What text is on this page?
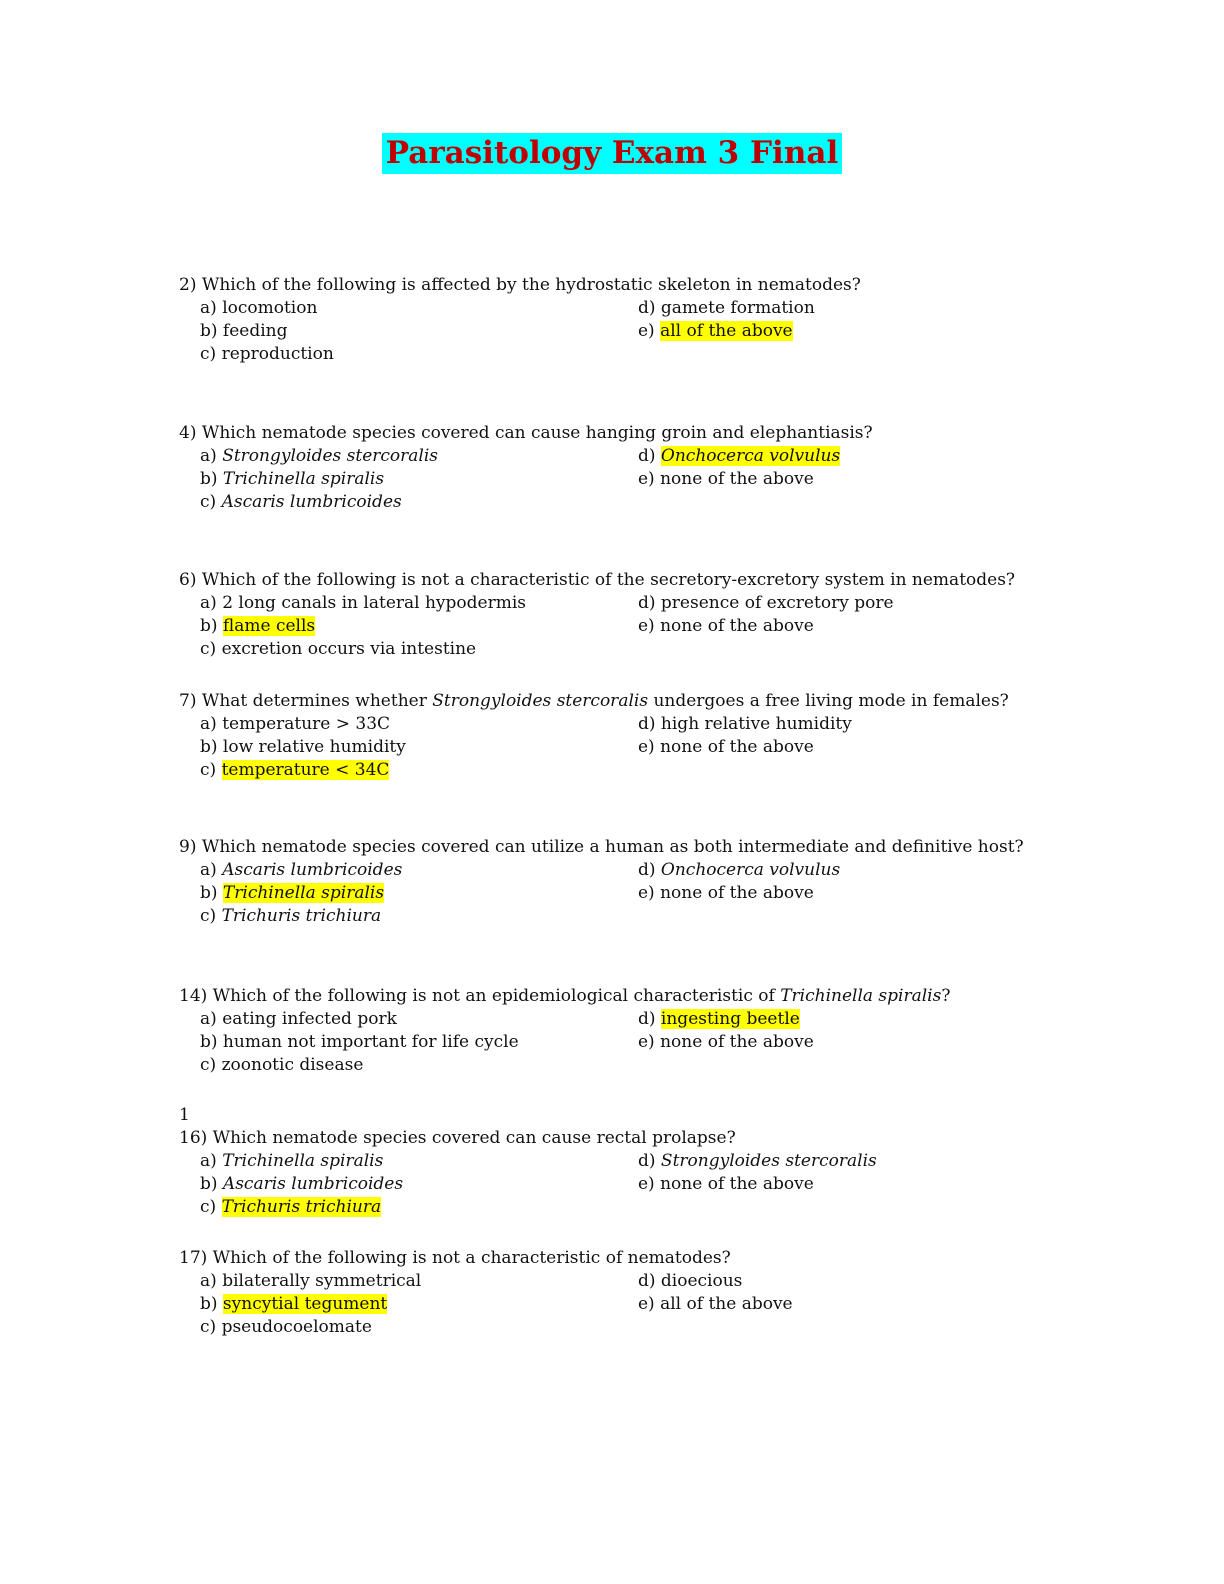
Parasitology Exam 3 Final
2) Which of the following is affected by the hydrostatic skeleton in nematodes?
a) locomotion
b) feeding
c) reproduction
d) gamete formation
e) all of the above
4) Which nematode species covered can cause hanging groin and elephantiasis?
a) Strongyloides stercoralis
b) Trichinella spiralis
c) Ascaris lumbricoides
d) Onchocerca volvulus
e) none of the above
6) Which of the following is not a characteristic of the secretory-excretory system in nematodes?
a) 2 long canals in lateral hypodermis
b) flame cells
c) excretion occurs via intestine
d) presence of excretory pore
e) none of the above
7) What determines whether Strongyloides stercoralis undergoes a free living mode in females?
a) temperature > 33C
b) low relative humidity
c) temperature < 34C
d) high relative humidity
e) none of the above
9) Which nematode species covered can utilize a human as both intermediate and definitive host?
a) Ascaris lumbricoides
b) Trichinella spiralis
c) Trichuris trichiura
d) Onchocerca volvulus
e) none of the above
14) Which of the following is not an epidemiological characteristic of Trichinella spiralis?
a) eating infected pork
b) human not important for life cycle
c) zoonotic disease
d) ingesting beetle
e) none of the above
1
16) Which nematode species covered can cause rectal prolapse?
a) Trichinella spiralis
b) Ascaris lumbricoides
c) Trichuris trichiura
d) Strongyloides stercoralis
e) none of the above
17) Which of the following is not a characteristic of nematodes?
a) bilaterally symmetrical
b) syncytial tegument
c) pseudocoelomate
d) dioecious
e) all of the above
